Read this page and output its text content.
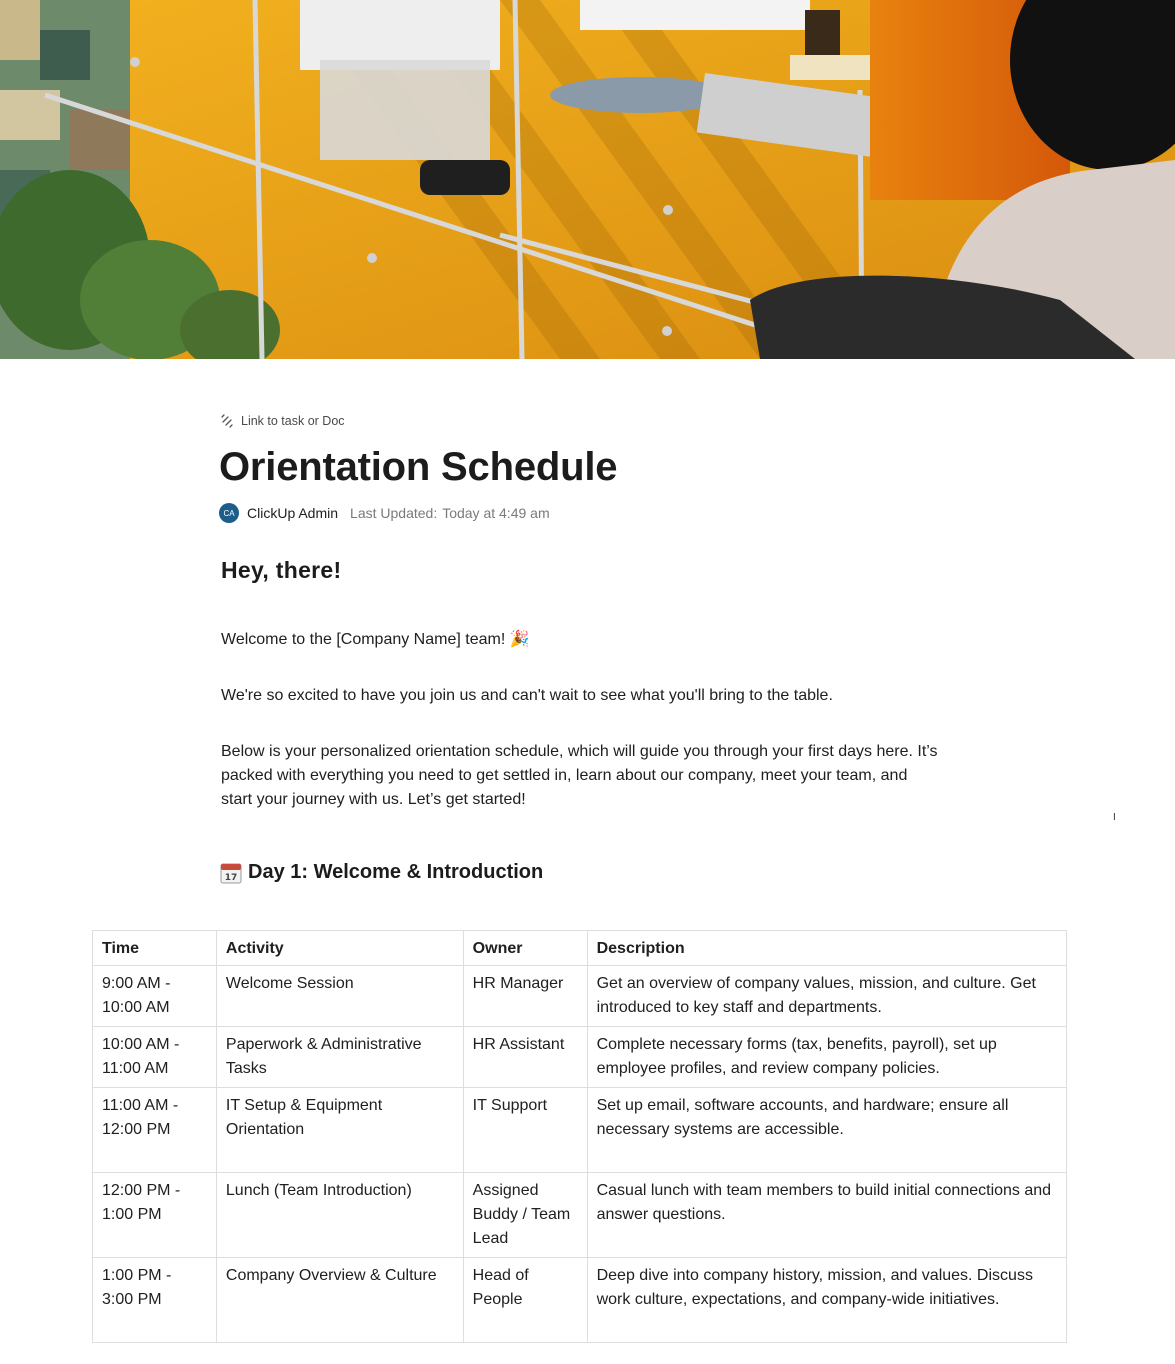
Link to task or Doc
Orientation Schedule
CA ClickUp Admin Last Updated: Today at 4:49 am
Hey, there!

Welcome to the [Company Name] team! 🎉

We're so excited to have you join us and can't wait to see what you'll bring to the table.

Below is your personalized orientation schedule, which will guide you through your first days here. It’s packed with everything you need to get settled in, learn about our company, meet your team, and start your journey with us. Let’s get started!

I
17 Day 1: Welcome & Introduction
Time	Activity	Owner	Description
9:00 AM - 10:00 AM	Welcome Session	HR Manager	Get an overview of company values, mission, and culture. Get introduced to key staff and departments.
10:00 AM - 11:00 AM	Paperwork & Administrative Tasks	HR Assistant	Complete necessary forms (tax, benefits, payroll), set up employee profiles, and review company policies.
11:00 AM - 12:00 PM	IT Setup & Equipment Orientation	IT Support	Set up email, software accounts, and hardware; ensure all necessary systems are accessible.
12:00 PM - 1:00 PM	Lunch (Team Introduction)	Assigned Buddy / Team Lead	Casual lunch with team members to build initial connections and answer questions.
1:00 PM - 3:00 PM	Company Overview & Culture	Head of People	Deep dive into company history, mission, and values. Discuss work culture, expectations, and company-wide initiatives.
